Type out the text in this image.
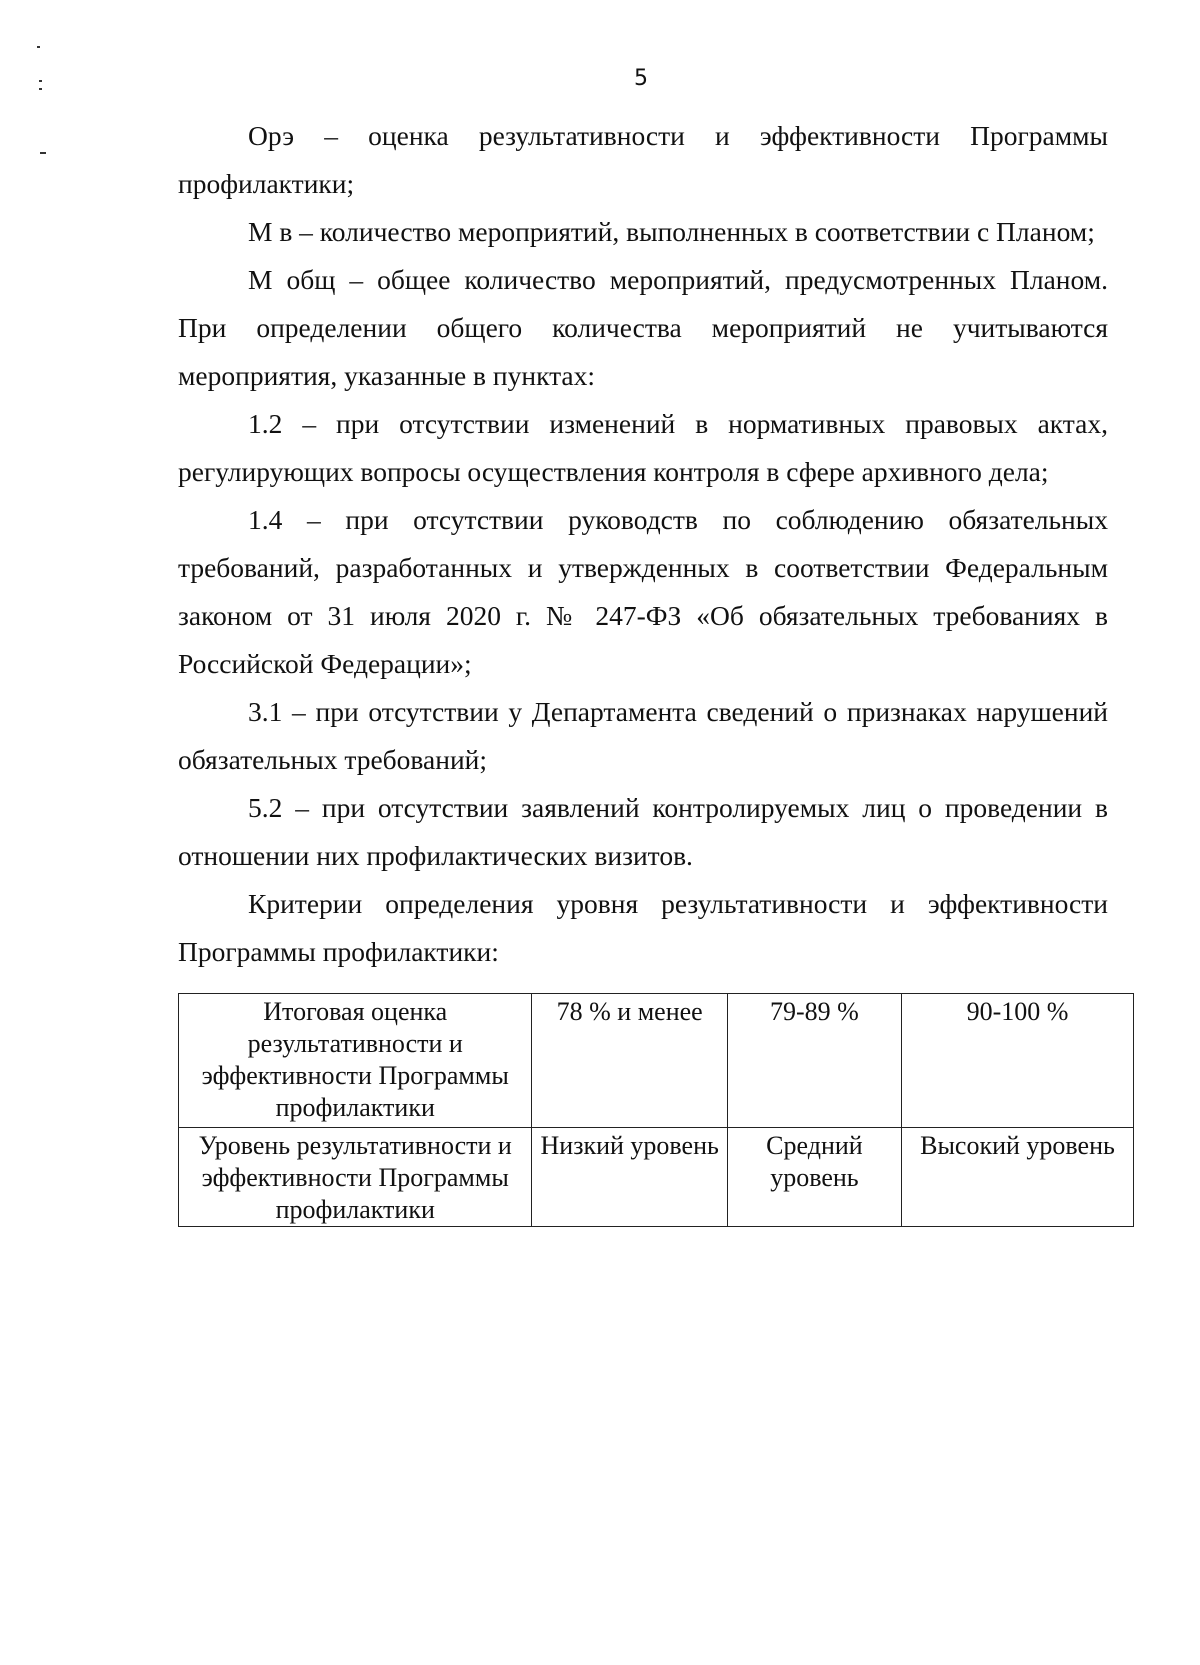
5

Орэ – оценка результативности и эффективности Программы профилактики;

М в – количество мероприятий, выполненных в соответствии с Планом;

М общ – общее количество мероприятий, предусмотренных Планом. При определении общего количества мероприятий не учитываются мероприятия, указанные в пунктах:

1.2 – при отсутствии изменений в нормативных правовых актах, регулирующих вопросы осуществления контроля в сфере архивного дела;

1.4 – при отсутствии руководств по соблюдению обязательных требований, разработанных и утвержденных в соответствии Федеральным законом от 31 июля 2020 г. № 247-ФЗ «Об обязательных требованиях в Российской Федерации»;

3.1 – при отсутствии у Департамента сведений о признаках нарушений обязательных требований;

5.2 – при отсутствии заявлений контролируемых лиц о проведении в отношении них профилактических визитов.

Критерии определения уровня результативности и эффективности Программы профилактики:

Итоговая оценка результативности и эффективности Программы профилактики	78 % и менее	79-89 %	90-100 %
Уровень результативности и эффективности Программы профилактики	Низкий уровень	Средний уровень	Высокий уровень
